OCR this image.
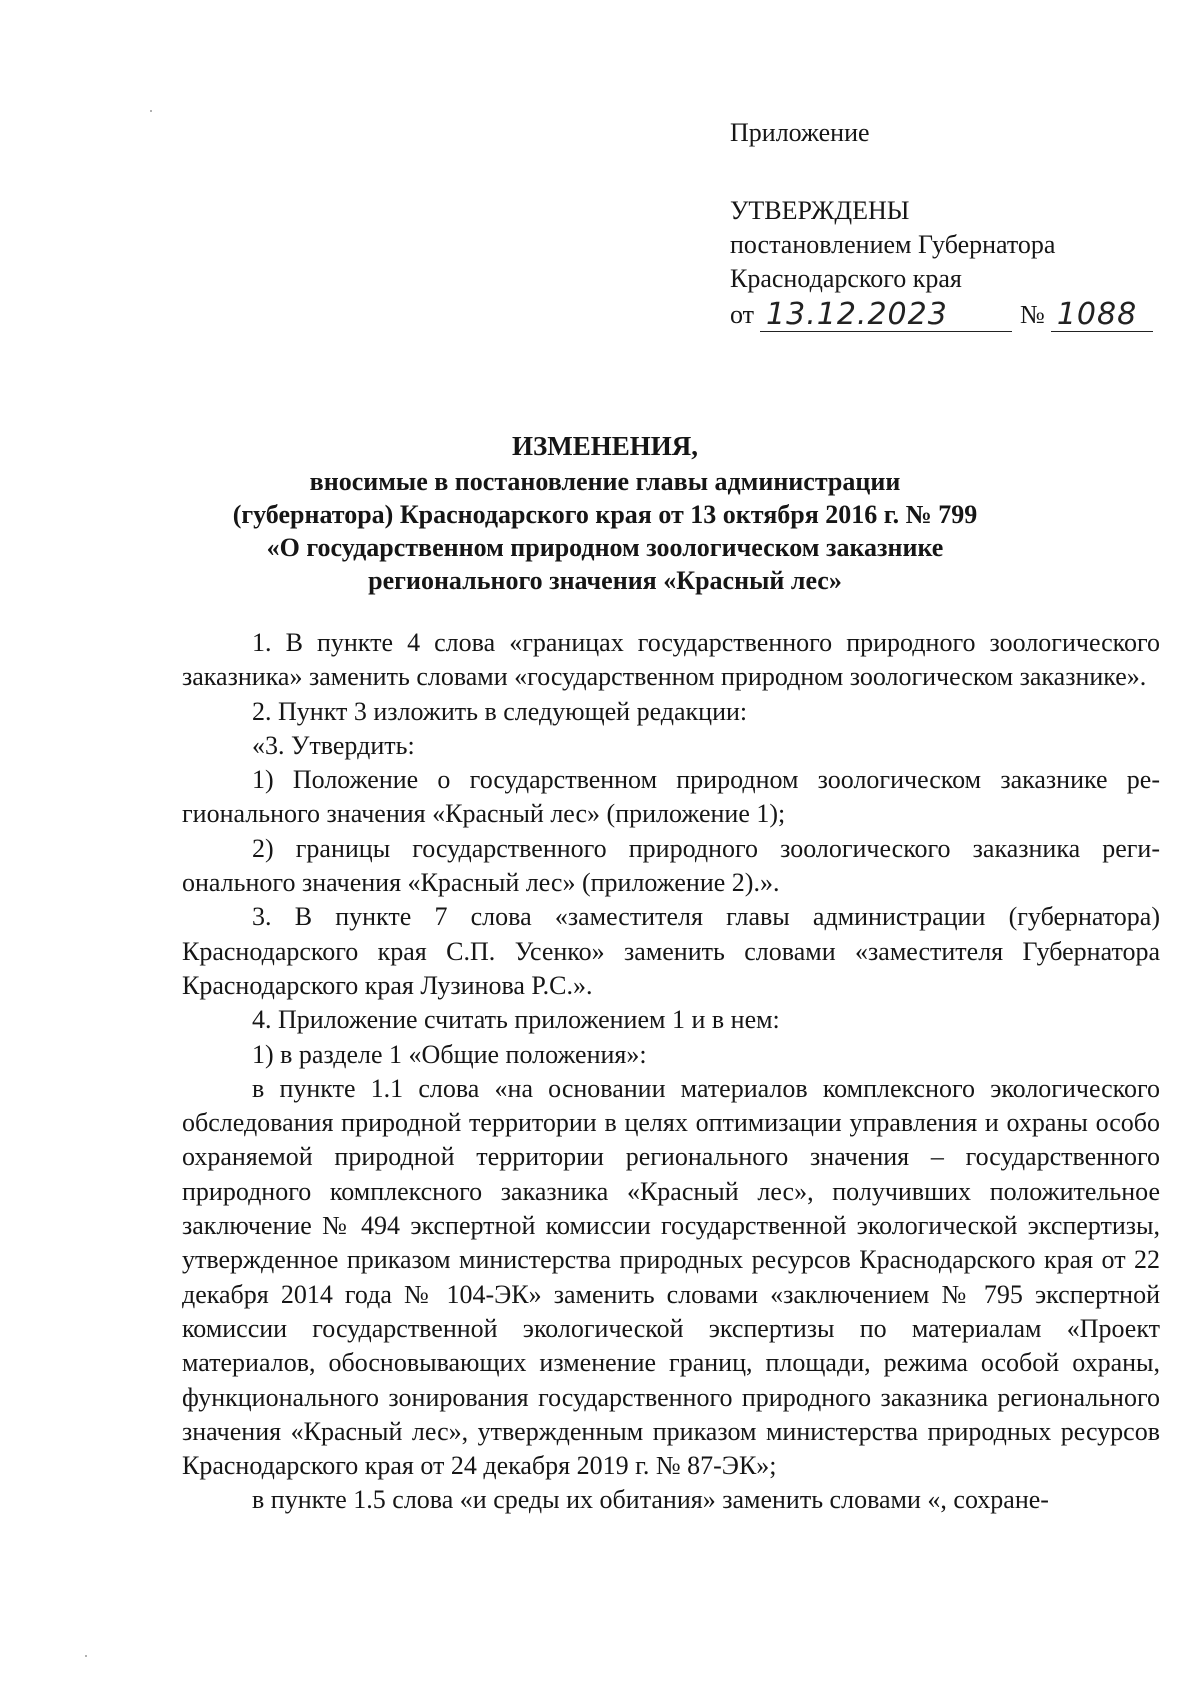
Приложение
УТВЕРЖДЕНЫ
постановлением Губернатора
Краснодарского края
от 13.12.2023	№ 1088
ИЗМЕНЕНИЯ,
вносимые в постановление главы администрации
(губернатора) Краснодарского края от 13 октября 2016 г. № 799
«О государственном природном зоологическом заказнике
регионального значения «Красный лес»

1. В пункте 4 слова «границах государственного природного зоологического заказника» заменить словами «государственном природном зоологическом заказнике».

2. Пункт 3 изложить в следующей редакции:

«3. Утвердить:

1) Положение о государственном природном зоологическом заказнике регионального значения «Красный лес» (приложение 1);

2) границы государственного природного зоологического заказника регионального значения «Красный лес» (приложение 2).».

3. В пункте 7 слова «заместителя главы администрации (губернатора) Краснодарского края С.П. Усенко» заменить словами «заместителя Губернатора Краснодарского края Лузинова Р.С.».

4. Приложение считать приложением 1 и в нем:

1) в разделе 1 «Общие положения»:

в пункте 1.1 слова «на основании материалов комплексного экологического обследования природной территории в целях оптимизации управления и охраны особо охраняемой природной территории регионального значения – государственного природного комплексного заказника «Красный лес», получивших положительное заключение № 494 экспертной комиссии государственной экологической экспертизы, утвержденное приказом министерства природных ресурсов Краснодарского края от 22 декабря 2014 года № 104-ЭК» заменить словами «заключением № 795 экспертной комиссии государственной экологической экспертизы по материалам «Проект материалов, обосновывающих изменение границ, площади, режима особой охраны, функционального зонирования государственного природного заказника регионального значения «Красный лес», утвержденным приказом министерства природных ресурсов Краснодарского края от 24 декабря 2019 г. № 87-ЭК»;

в пункте 1.5 слова «и среды их обитания» заменить словами «, сохране-
